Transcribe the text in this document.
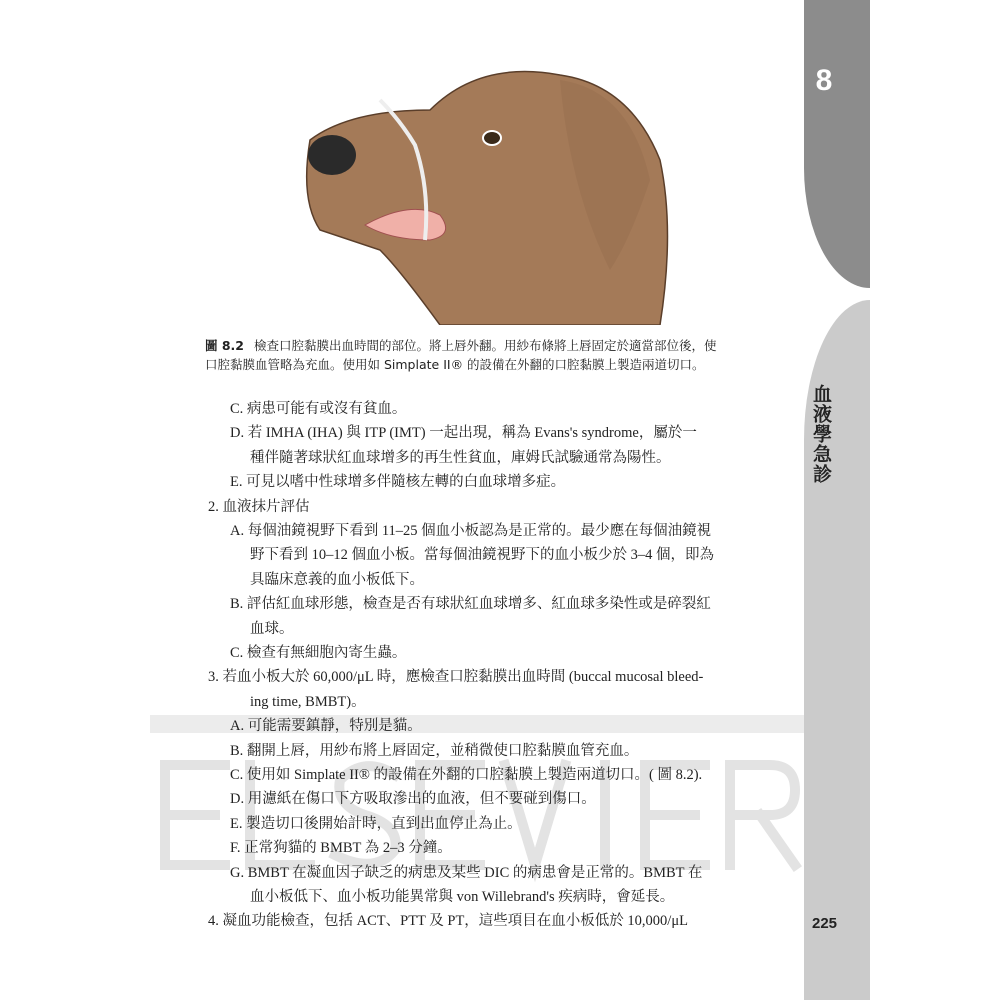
8
血液學急診
圖 8.2 檢查口腔黏膜出血時間的部位。將上唇外翻。用紗布條將上唇固定於適當部位後，使
口腔黏膜血管略為充血。使用如 Simplate II® 的設備在外翻的口腔黏膜上製造兩道切口。
C. 病患可能有或沒有貧血。
D. 若 IMHA (IHA) 與 ITP (IMT) 一起出現，稱為 Evans's syndrome，屬於一
種伴隨著球狀紅血球增多的再生性貧血，庫姆氏試驗通常為陽性。
E. 可見以嗜中性球增多伴隨核左轉的白血球增多症。
2. 血液抹片評估
A. 每個油鏡視野下看到 11–25 個血小板認為是正常的。最少應在每個油鏡視
野下看到 10–12 個血小板。當每個油鏡視野下的血小板少於 3–4 個，即為
具臨床意義的血小板低下。
B. 評估紅血球形態，檢查是否有球狀紅血球增多、紅血球多染性或是碎裂紅
血球。
C. 檢查有無細胞內寄生蟲。
3. 若血小板大於 60,000/μL 時，應檢查口腔黏膜出血時間 (buccal mucosal bleed-
ing time, BMBT)。
A. 可能需要鎮靜，特別是貓。
B. 翻開上唇，用紗布將上唇固定，並稍微使口腔黏膜血管充血。
C. 使用如 Simplate II® 的設備在外翻的口腔黏膜上製造兩道切口。( 圖 8.2).
D. 用濾紙在傷口下方吸取滲出的血液，但不要碰到傷口。
E. 製造切口後開始計時，直到出血停止為止。
F. 正常狗貓的 BMBT 為 2–3 分鐘。
G. BMBT 在凝血因子缺乏的病患及某些 DIC 的病患會是正常的。BMBT 在
血小板低下、血小板功能異常與 von Willebrand's 疾病時，會延長。
4. 凝血功能檢查，包括 ACT、PTT 及 PT，這些項目在血小板低於 10,000/μL	225
